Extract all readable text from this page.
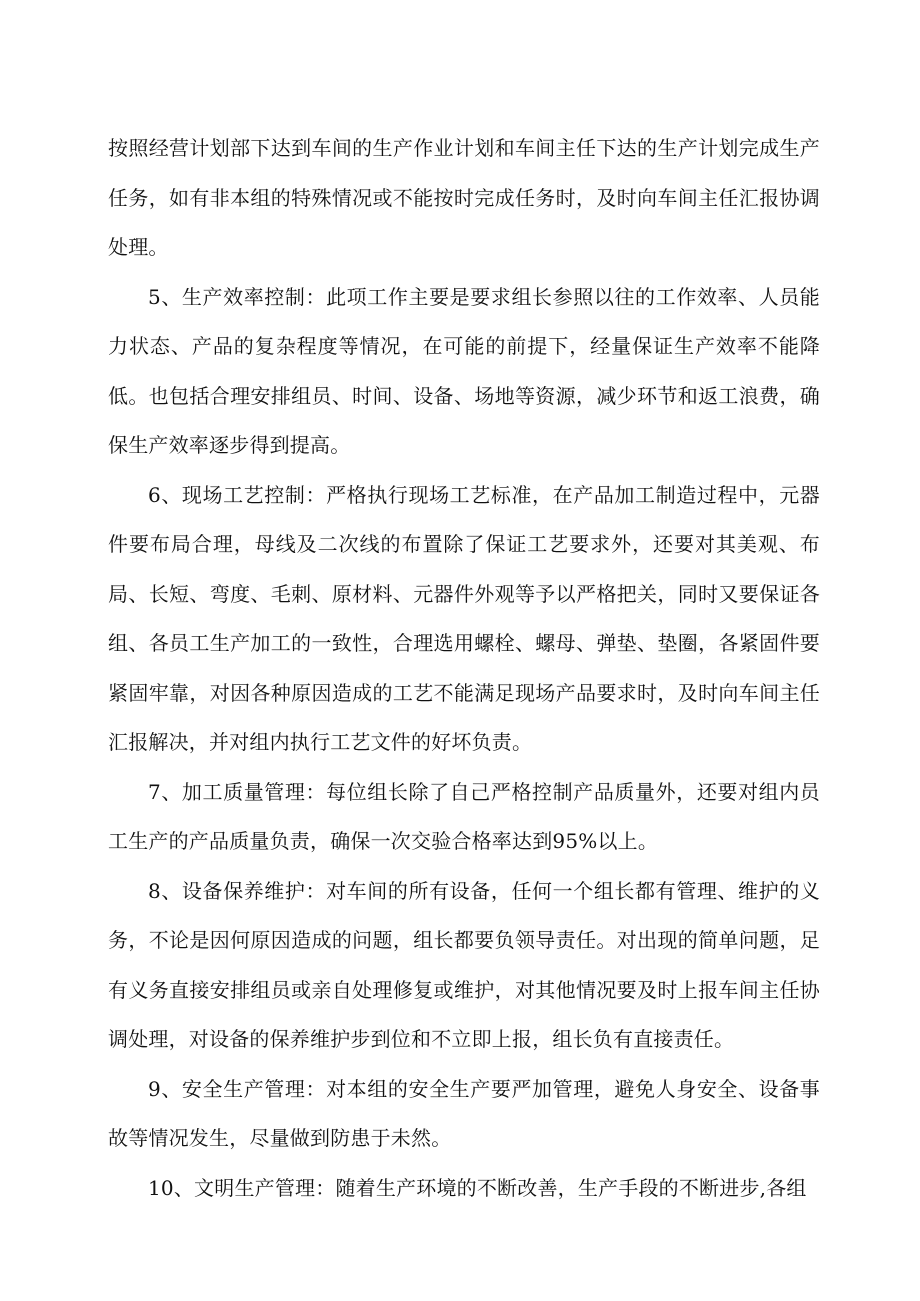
按照经营计划部下达到车间的生产作业计划和车间主任下达的生产计划完成生产任务，如有非本组的特殊情况或不能按时完成任务时，及时向车间主任汇报协调处理。

5、生产效率控制：此项工作主要是要求组长参照以往的工作效率、人员能力状态、产品的复杂程度等情况，在可能的前提下，经量保证生产效率不能降低。也包括合理安排组员、时间、设备、场地等资源，减少环节和返工浪费，确保生产效率逐步得到提高。

6、现场工艺控制：严格执行现场工艺标准，在产品加工制造过程中，元器件要布局合理，母线及二次线的布置除了保证工艺要求外，还要对其美观、布局、长短、弯度、毛刺、原材料、元器件外观等予以严格把关，同时又要保证各组、各员工生产加工的一致性，合理选用螺栓、螺母、弹垫、垫圈，各紧固件要紧固牢靠，对因各种原因造成的工艺不能满足现场产品要求时，及时向车间主任汇报解决，并对组内执行工艺文件的好坏负责。

7、加工质量管理：每位组长除了自己严格控制产品质量外，还要对组内员工生产的产品质量负责，确保一次交验合格率达到95%以上。

8、设备保养维护：对车间的所有设备，任何一个组长都有管理、维护的义务，不论是因何原因造成的问题，组长都要负领导责任。对出现的简单问题，足有义务直接安排组员或亲自处理修复或维护，对其他情况要及时上报车间主任协调处理，对设备的保养维护步到位和不立即上报，组长负有直接责任。

9、安全生产管理：对本组的安全生产要严加管理，避免人身安全、设备事故等情况发生，尽量做到防患于未然。

10、文明生产管理：随着生产环境的不断改善，生产手段的不断进步,各组
